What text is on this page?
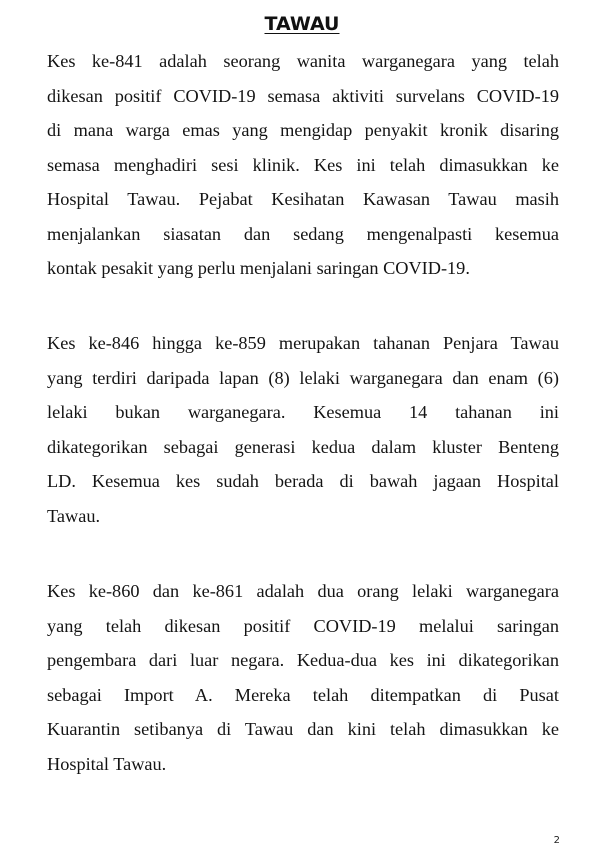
TAWAU
Kes ke-841 adalah seorang wanita warganegara yang telah
dikesan positif COVID-19 semasa aktiviti survelans COVID-19
di mana warga emas yang mengidap penyakit kronik disaring
semasa menghadiri sesi klinik. Kes ini telah dimasukkan ke
Hospital Tawau. Pejabat Kesihatan Kawasan Tawau masih
menjalankan siasatan dan sedang mengenalpasti kesemua
kontak pesakit yang perlu menjalani saringan COVID-19.
Kes ke-846 hingga ke-859 merupakan tahanan Penjara Tawau
yang terdiri daripada lapan (8) lelaki warganegara dan enam (6)
lelaki bukan warganegara. Kesemua 14 tahanan ini
dikategorikan sebagai generasi kedua dalam kluster Benteng
LD. Kesemua kes sudah berada di bawah jagaan Hospital
Tawau.
Kes ke-860 dan ke-861 adalah dua orang lelaki warganegara
yang telah dikesan positif COVID-19 melalui saringan
pengembara dari luar negara. Kedua-dua kes ini dikategorikan
sebagai Import A. Mereka telah ditempatkan di Pusat
Kuarantin setibanya di Tawau dan kini telah dimasukkan ke
Hospital Tawau.
2
